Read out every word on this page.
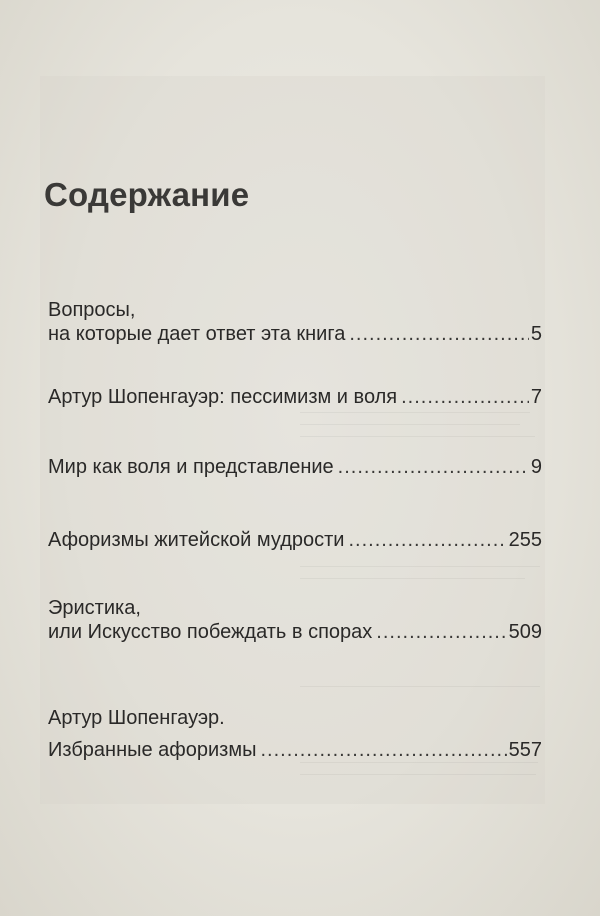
Содержание
Вопросы,
на которые дает ответ эта книга .....	5
Артур Шопенгауэр: пессимизм и воля .....	7
Мир как воля и представление .....	9
Афоризмы житейской мудрости .....	255
Эристика,
или Искусство побеждать в спорах .....	509
Артур Шопенгауэр.
Избранные афоризмы .....	557
